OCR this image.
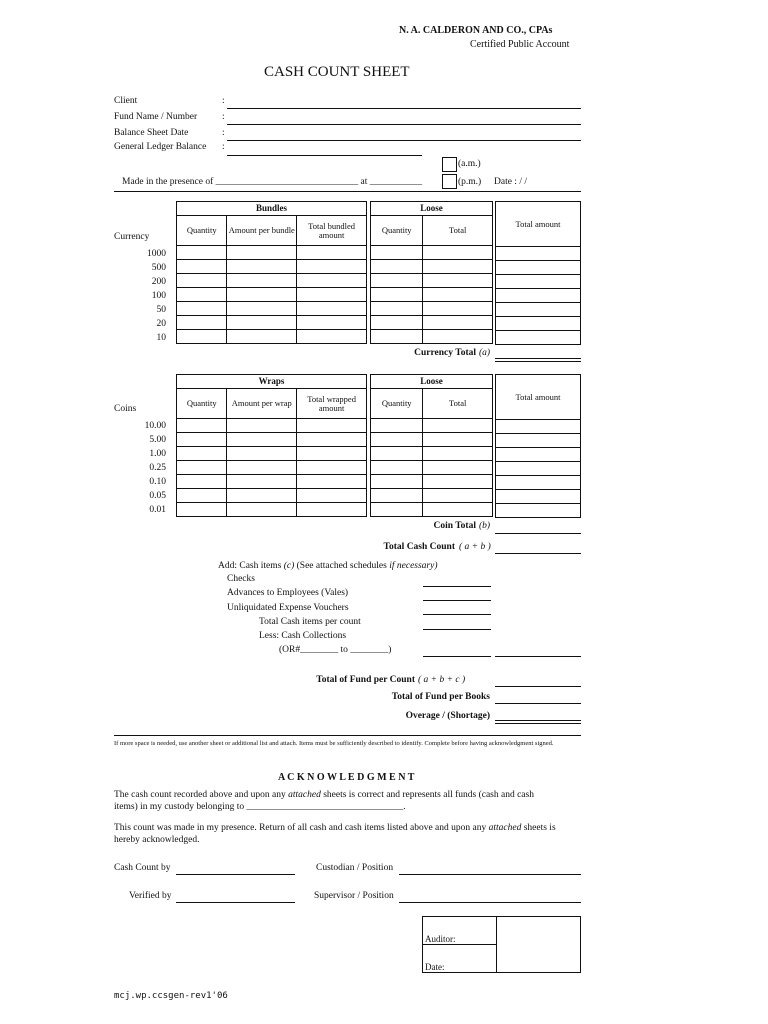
N. A. CALDERON AND CO., CPAs
Certified Public Account
CASH COUNT SHEET
Client	:
Fund Name / Number	:
Balance Sheet Date	:
General Ledger Balance :
(a.m.)
(p.m.)
Made in the presence of ______________________________ at ___________	Date : / /
Currency
Bundles		
Quantity	Amount per bundle	Total bundled amount

Loose	
Quantity	Total

Total amount

1000
500
200
100
50
20
10
Currency Total (a)
Coins
Wraps		
Quantity	Amount per wrap	Total wrapped amount

Loose	
Quantity	Total

Total amount

10.00
5.00
1.00
0.25
0.10
0.05
0.01
Coin Total (b)
Total Cash Count ( a + b )
Add: Cash items (c) (See attached schedules if necessary)
Checks
Advances to Employees (Vales)
Unliquidated Expense Vouchers
Total Cash items per count
Less: Cash Collections
(OR#________ to ________)
Total of Fund per Count ( a + b + c )
Total of Fund per Books
Overage / (Shortage)
If more space is needed, use another sheet or additional list and attach. Items must be sufficiently described to identify. Complete before having acknowledgment signed.
A C K N O W L E D G M E N T
The cash count recorded above and upon any attached sheets is correct and represents all funds (cash and cash
items) in my custody belonging to _________________________________.
This count was made in my presence. Return of all cash and cash items listed above and upon any attached sheets is
hereby acknowledged.
Cash Count by	Custodian / Position
Verified by	Supervisor / Position
Auditor:	
Date:
mcj.wp.ccsgen-rev1'06
